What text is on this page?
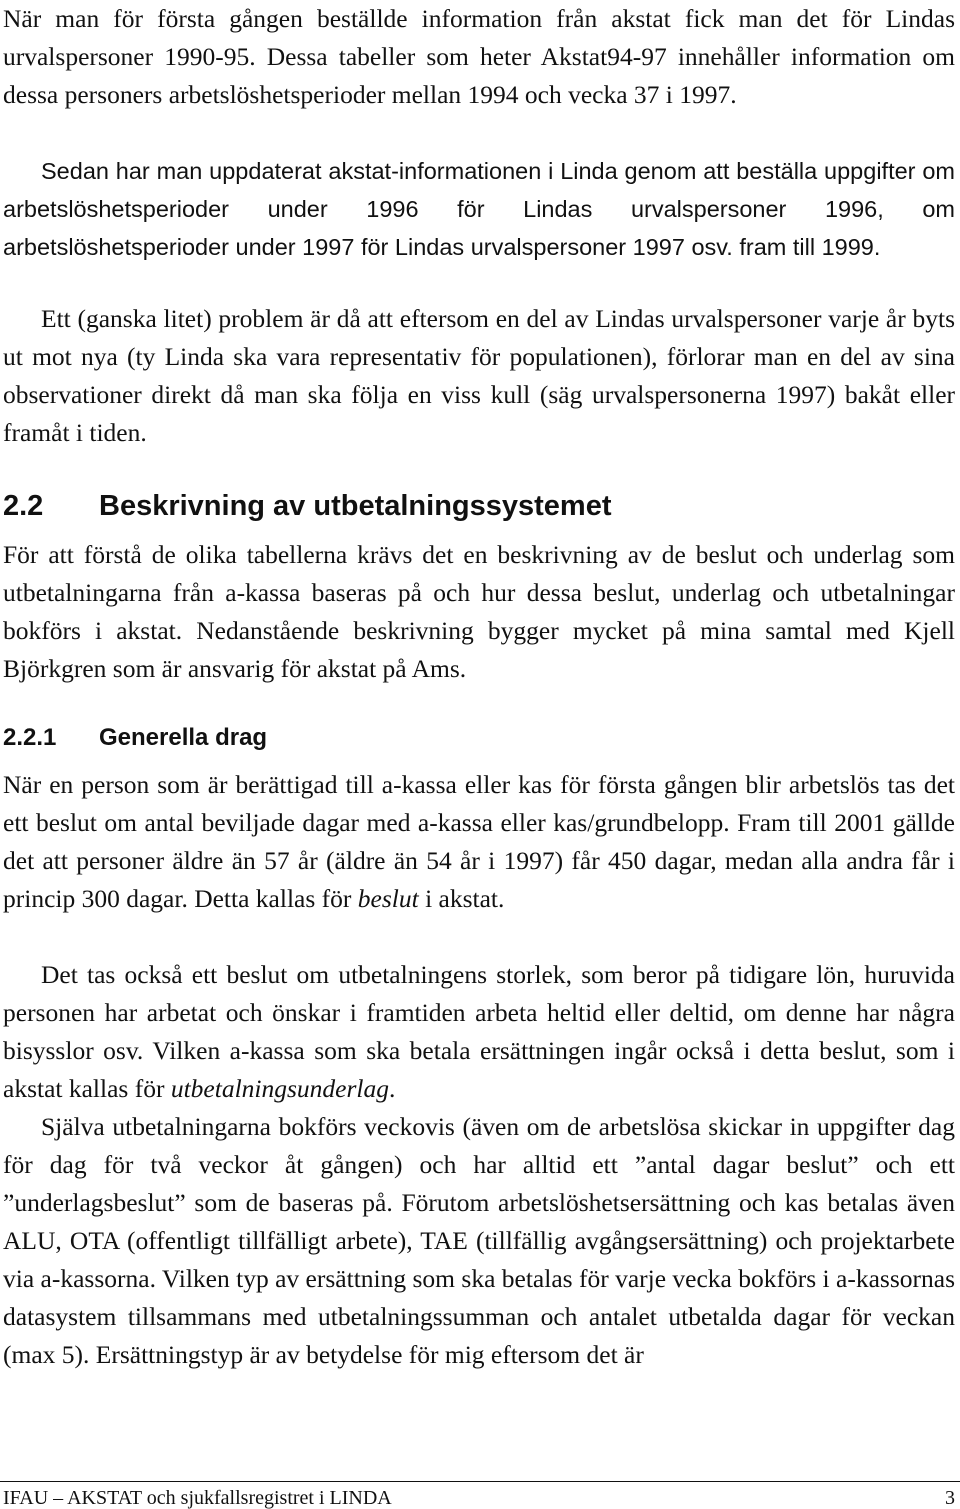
När man för första gången beställde information från akstat fick man det för Lindas urvalspersoner 1990-95. Dessa tabeller som heter Akstat94-97 innehåller information om dessa personers arbetslöshetsperioder mellan 1994 och vecka 37 i 1997.

Sedan har man uppdaterat akstat-informationen i Linda genom att beställa uppgifter om arbetslöshetsperioder under 1996 för Lindas urvalspersoner 1996, om arbetslöshetsperioder under 1997 för Lindas urvalspersoner 1997 osv. fram till 1999.

Ett (ganska litet) problem är då att eftersom en del av Lindas urvalspersoner varje år byts ut mot nya (ty Linda ska vara representativ för populationen), förlorar man en del av sina observationer direkt då man ska följa en viss kull (säg urvalspersonerna 1997) bakåt eller framåt i tiden.

2.2 Beskrivning av utbetalningssystemet

För att förstå de olika tabellerna krävs det en beskrivning av de beslut och underlag som utbetalningarna från a-kassa baseras på och hur dessa beslut, underlag och utbetalningar bokförs i akstat. Nedanstående beskrivning bygger mycket på mina samtal med Kjell Björkgren som är ansvarig för akstat på Ams.

2.2.1 Generella drag

När en person som är berättigad till a-kassa eller kas för första gången blir arbetslös tas det ett beslut om antal beviljade dagar med a-kassa eller kas/grundbelopp. Fram till 2001 gällde det att personer äldre än 57 år (äldre än 54 år i 1997) får 450 dagar, medan alla andra får i princip 300 dagar. Detta kallas för beslut i akstat.

Det tas också ett beslut om utbetalningens storlek, som beror på tidigare lön, huruvida personen har arbetat och önskar i framtiden arbeta heltid eller deltid, om denne har några bisysslor osv. Vilken a-kassa som ska betala ersättningen ingår också i detta beslut, som i akstat kallas för utbetalningsunderlag.

Själva utbetalningarna bokförs veckovis (även om de arbetslösa skickar in uppgifter dag för dag för två veckor åt gången) och har alltid ett ”antal dagar beslut” och ett ”underlagsbeslut” som de baseras på. Förutom arbetslöshetsersättning och kas betalas även ALU, OTA (offentligt tillfälligt arbete), TAE (tillfällig avgångsersättning) och projektarbete via a-kassorna. Vilken typ av ersättning som ska betalas för varje vecka bokförs i a-kassornas datasystem tillsammans med utbetalningssumman och antalet utbetalda dagar för veckan (max 5). Ersättningstyp är av betydelse för mig eftersom det är

IFAU – AKSTAT och sjukfallsregistret i LINDA	3
